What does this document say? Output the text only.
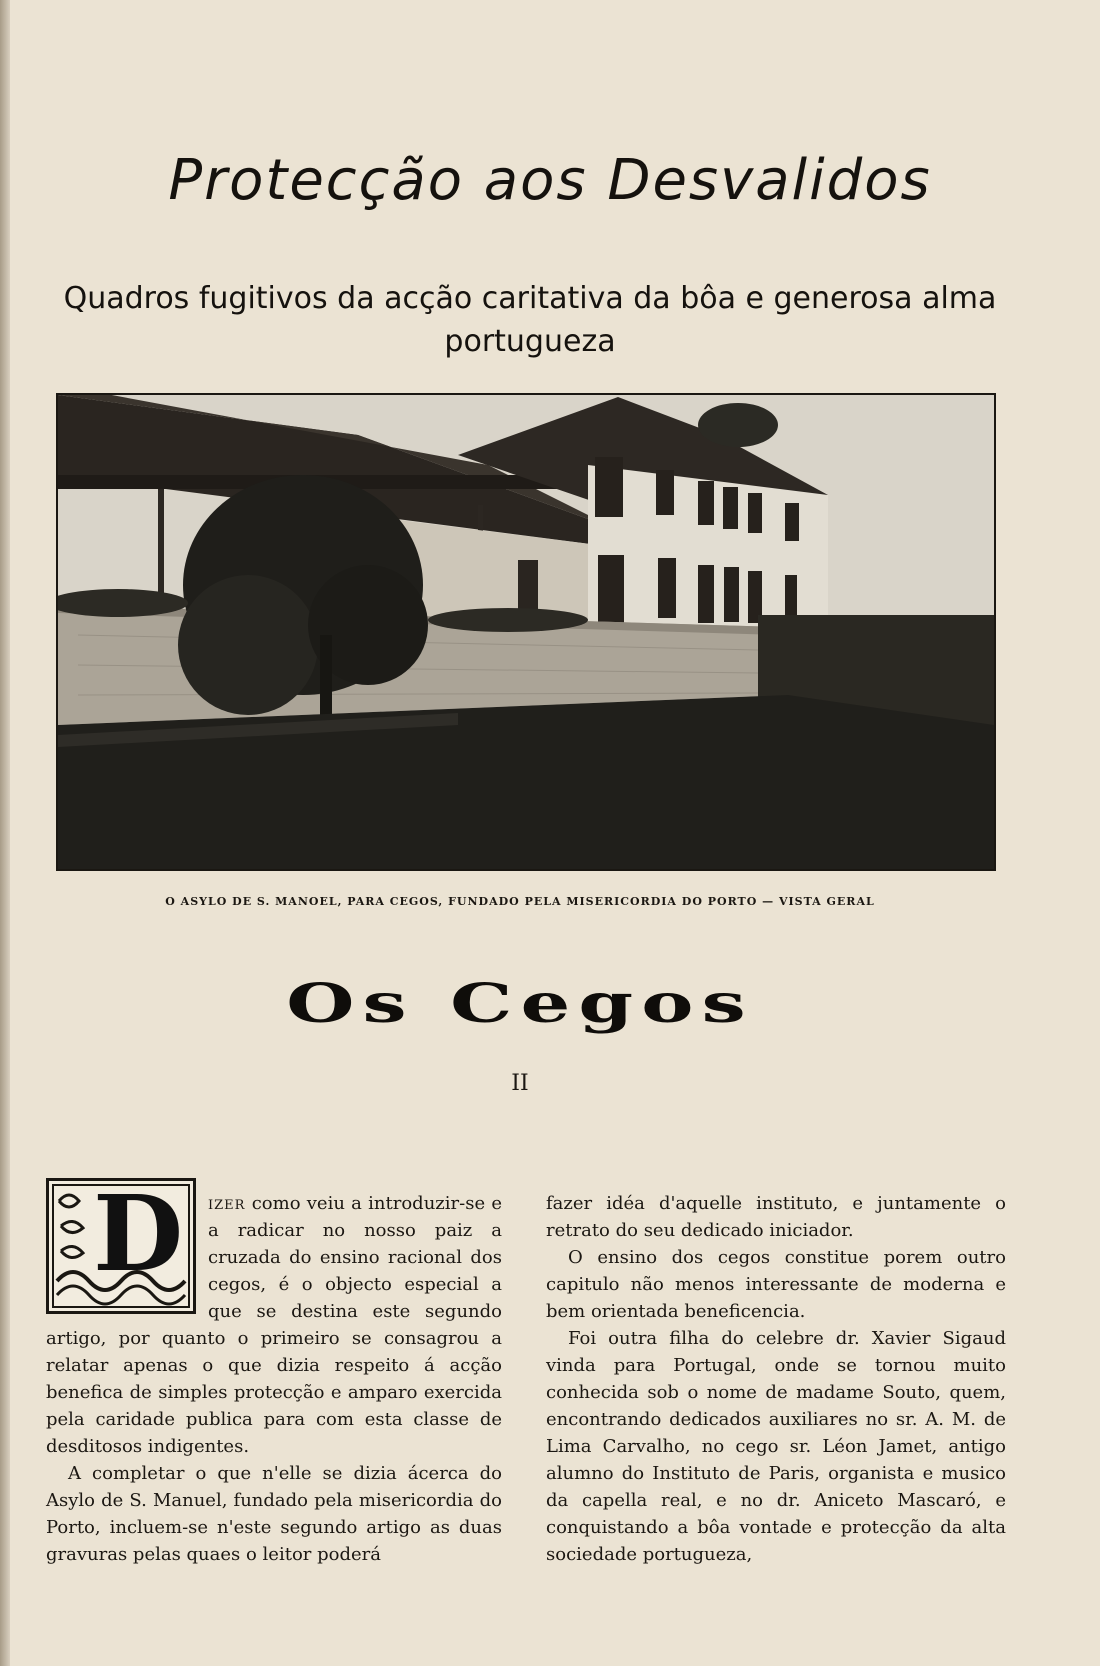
Protecção aos Desvalidos
Quadros fugitivos da acção caritativa da bôa e generosa alma portugueza
O ASYLO DE S. MANOEL, PARA CEGOS, FUNDADO PELA MISERICORDIA DO PORTO — VISTA GERAL
Os Cegos
II
D	izer como veiu a introduzir-se e a radicar no nosso paiz a cruzada do ensino racional dos cegos, é o objecto especial a que se destina este segundo artigo, por quanto o primeiro se consagrou a relatar apenas o que dizia respeito á acção benefica de simples protecção e amparo exercida pela caridade publica para com esta classe de desditosos indigentes.

A completar o que n'elle se dizia ácerca do Asylo de S. Manuel, fundado pela misericordia do Porto, incluem-se n'este segundo artigo as duas gravuras pelas quaes o leitor poderá

fazer idéa d'aquelle instituto, e juntamente o retrato do seu dedicado iniciador.

O ensino dos cegos constitue porem outro capitulo não menos interessante de moderna e bem orientada beneficencia.

Foi outra filha do celebre dr. Xavier Sigaud vinda para Portugal, onde se tornou muito conhecida sob o nome de madame Souto, quem, encontrando dedicados auxiliares no sr. A. M. de Lima Carvalho, no cego sr. Léon Jamet, antigo alumno do Instituto de Paris, organista e musico da capella real, e no dr. Aniceto Mascaró, e conquistando a bôa vontade e protecção da alta sociedade portugueza,
